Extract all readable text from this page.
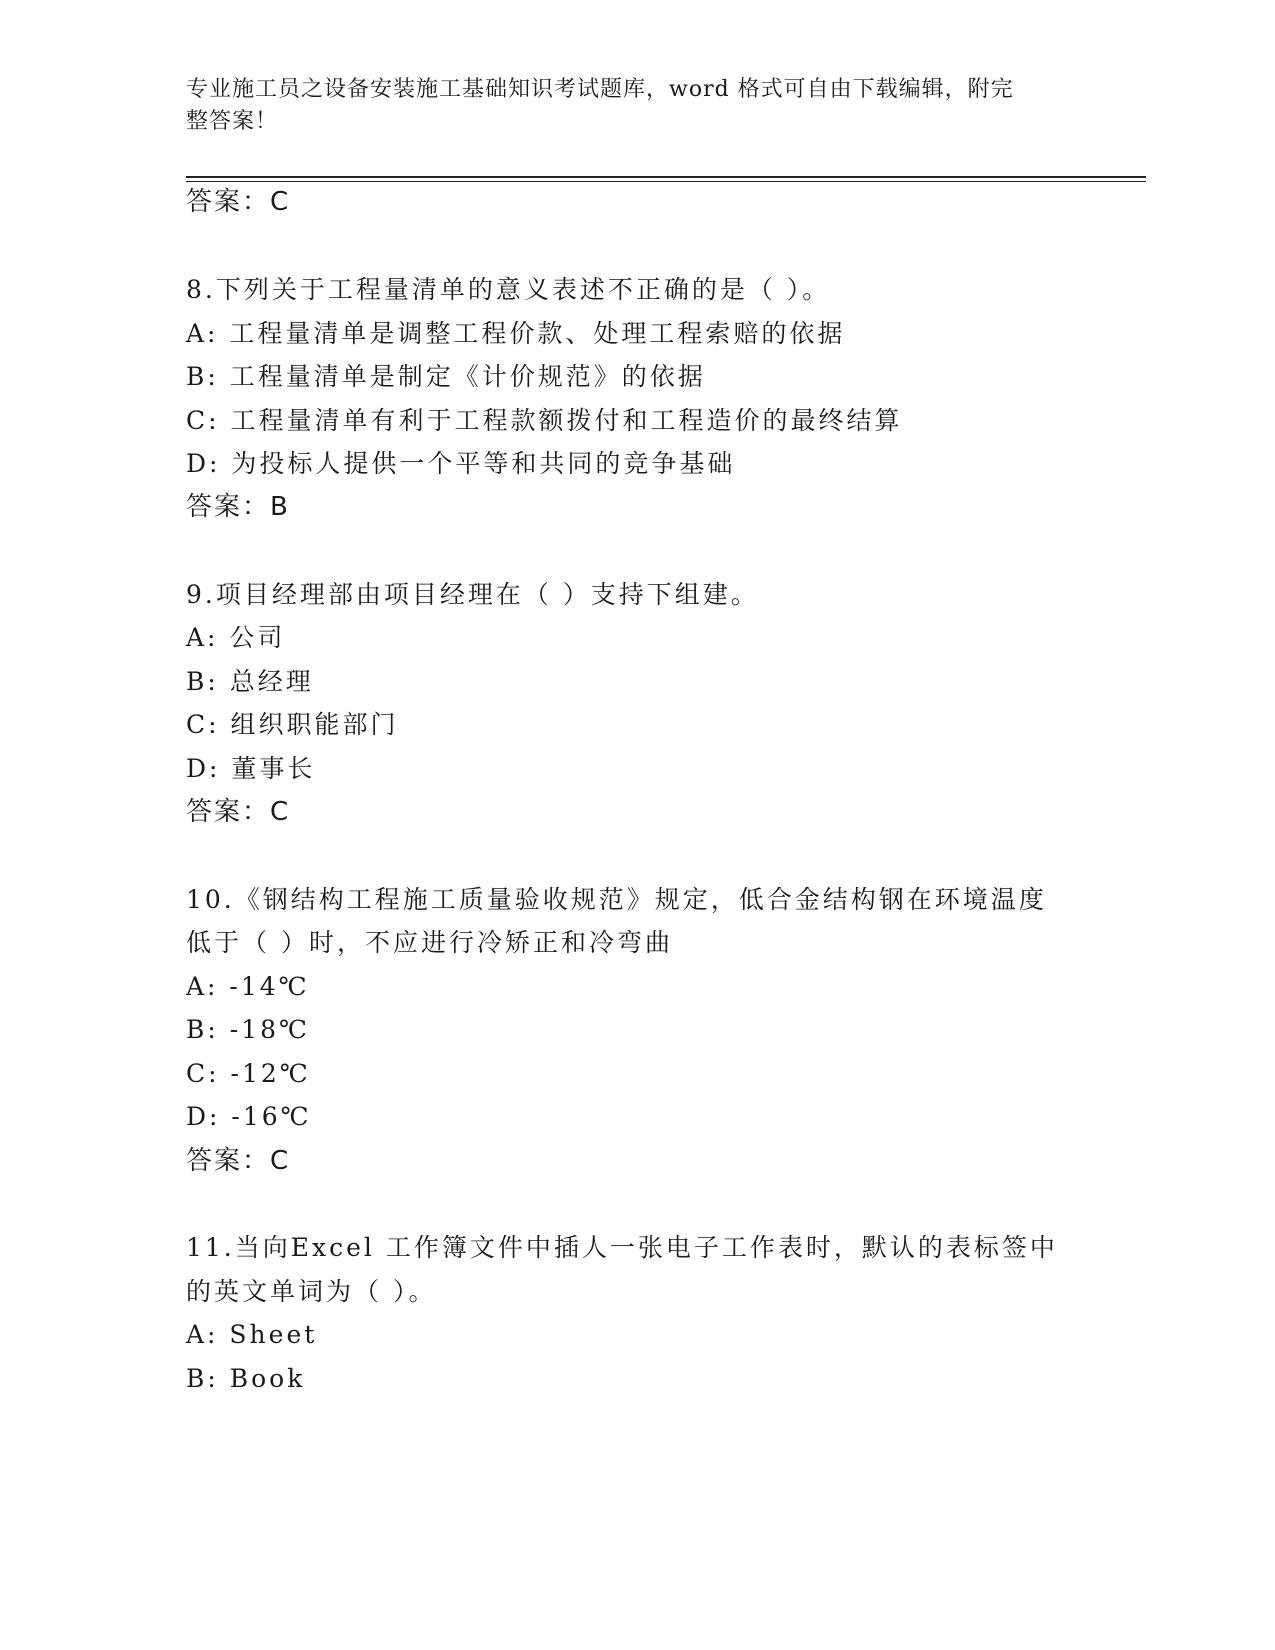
专业施工员之设备安装施工基础知识考试题库，word 格式可自由下载编辑，附完
整答案！
答案：C
8.下列关于工程量清单的意义表述不正确的是（ ）。
A: 工程量清单是调整工程价款、处理工程索赔的依据
B: 工程量清单是制定《计价规范》的依据
C: 工程量清单有利于工程款额拨付和工程造价的最终结算
D: 为投标人提供一个平等和共同的竞争基础
答案：B
9.项目经理部由项目经理在（ ）支持下组建。
A: 公司
B: 总经理
C: 组织职能部门
D: 董事长
答案：C
10.《钢结构工程施工质量验收规范》规定，低合金结构钢在环境温度
低于（ ）时，不应进行冷矫正和冷弯曲
A: -14℃
B: -18℃
C: -12℃
D: -16℃
答案：C
11.当向Excel 工作簿文件中插人一张电子工作表时，默认的表标签中
的英文单词为（ ）。
A: Sheet
B: Book
